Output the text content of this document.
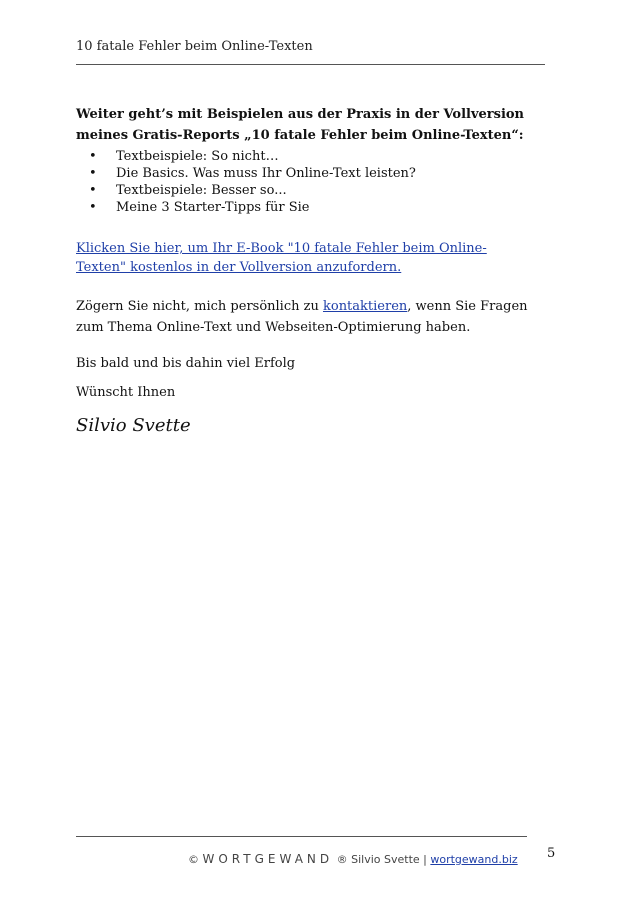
10 fatale Fehler beim Online-Texten
Weiter geht’s mit Beispielen aus der Praxis in der Vollversion meines Gratis-Reports „10 fatale Fehler beim Online-Texten“:
• Textbeispiele: So nicht…
• Die Basics. Was muss Ihr Online-Text leisten?
• Textbeispiele: Besser so...
• Meine 3 Starter-Tipps für Sie
Klicken Sie hier, um Ihr E-Book "10 fatale Fehler beim Online-Texten" kostenlos in der Vollversion anzufordern.
Zögern Sie nicht, mich persönlich zu kontaktieren, wenn Sie Fragen zum Thema Online-Text und Webseiten-Optimierung haben.
Bis bald und bis dahin viel Erfolg
Wünscht Ihnen
Silvio Svette
© WORTGEWAND ® Silvio Svette | wortgewand.biz 5
